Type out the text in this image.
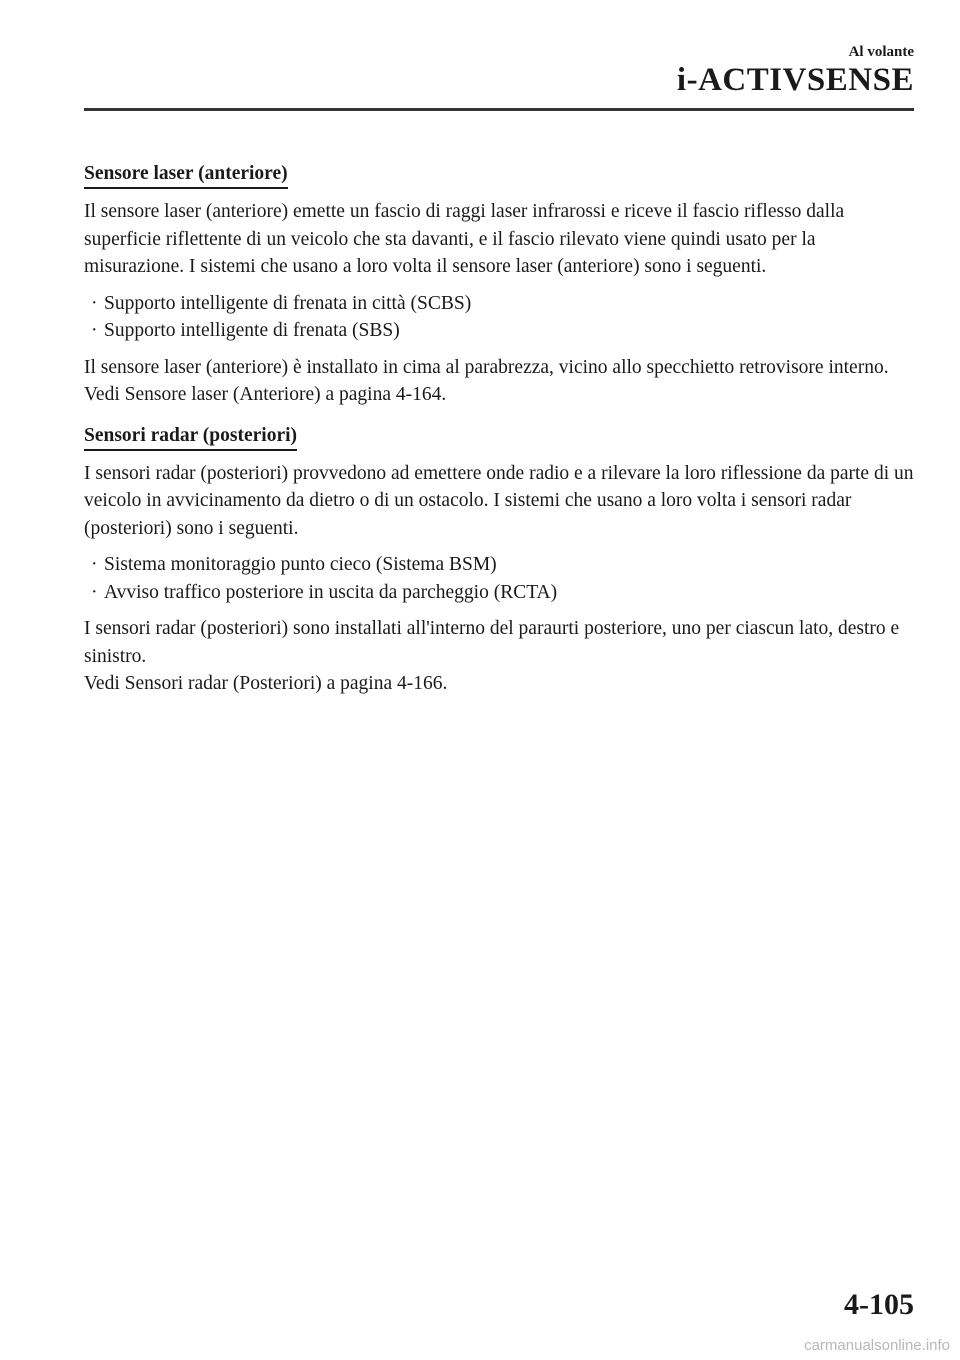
Al volante
i-ACTIVSENSE
Sensore laser (anteriore)

Il sensore laser (anteriore) emette un fascio di raggi laser infrarossi e riceve il fascio riflesso dalla superficie riflettente di un veicolo che sta davanti, e il fascio rilevato viene quindi usato per la misurazione. I sistemi che usano a loro volta il sensore laser (anteriore) sono i seguenti.

· Supporto intelligente di frenata in città (SCBS)
· Supporto intelligente di frenata (SBS)

Il sensore laser (anteriore) è installato in cima al parabrezza, vicino allo specchietto retrovisore interno.
Vedi Sensore laser (Anteriore) a pagina 4-164.

Sensori radar (posteriori)

I sensori radar (posteriori) provvedono ad emettere onde radio e a rilevare la loro riflessione da parte di un veicolo in avvicinamento da dietro o di un ostacolo. I sistemi che usano a loro volta i sensori radar (posteriori) sono i seguenti.

· Sistema monitoraggio punto cieco (Sistema BSM)
· Avviso traffico posteriore in uscita da parcheggio (RCTA)

I sensori radar (posteriori) sono installati all'interno del paraurti posteriore, uno per ciascun lato, destro e sinistro.
Vedi Sensori radar (Posteriori) a pagina 4-166.

4-105
carmanualsonline.info
